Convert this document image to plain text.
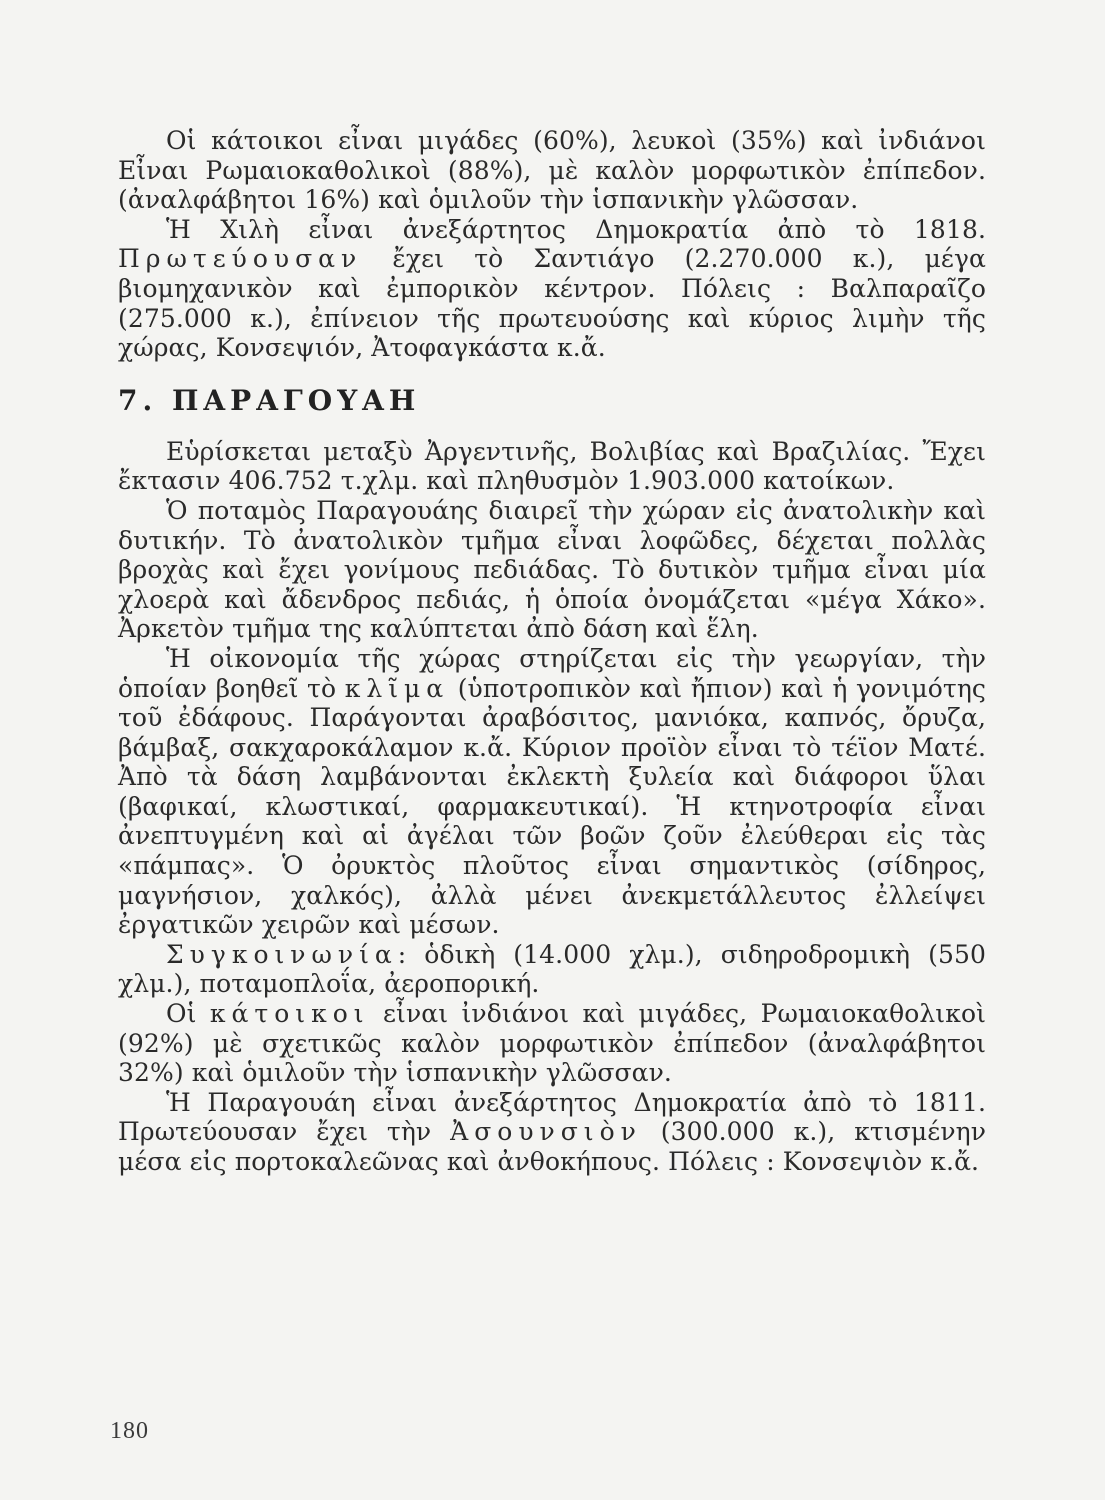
Οἱ κάτοικοι εἶναι μιγάδες (60%), λευκοὶ (35%) καὶ ἰνδιάνοι Εἶναι Ρωμαιοκαθολικοὶ (88%), μὲ καλὸν μορφωτικὸν ἐπίπεδον. (ἀναλφάβητοι 16%) καὶ ὁμιλοῦν τὴν ἱσπανικὴν γλῶσσαν.

Ἡ Χιλὴ εἶναι ἀνεξάρτητος Δημοκρατία ἀπὸ τὸ 1818. Πρωτεύουσαν ἔχει τὸ Σαντιάγο (2.270.000 κ.), μέγα βιομηχανικὸν καὶ ἐμπορικὸν κέντρον. Πόλεις : Βαλπαραῖζο (275.000 κ.), ἐπίνειον τῆς πρωτευούσης καὶ κύριος λιμὴν τῆς χώρας, Κονσεψιόν, Ἀτοφαγκάστα κ.ἄ.

7. ΠΑΡΑΓΟΥΑΗ

Εὑρίσκεται μεταξὺ Ἀργεντινῆς, Βολιβίας καὶ Βραζιλίας. Ἔχει ἔκτασιν 406.752 τ.χλμ. καὶ πληθυσμὸν 1.903.000 κατοίκων.

Ὁ ποταμὸς Παραγουάης διαιρεῖ τὴν χώραν εἰς ἀνατολικὴν καὶ δυτικήν. Τὸ ἀνατολικὸν τμῆμα εἶναι λοφῶδες, δέχεται πολλὰς βροχὰς καὶ ἔχει γονίμους πεδιάδας. Τὸ δυτικὸν τμῆμα εἶναι μία χλοερὰ καὶ ἄδενδρος πεδιάς, ἡ ὁποία ὀνομάζεται «μέγα Χάκο». Ἀρκετὸν τμῆμα της καλύπτεται ἀπὸ δάση καὶ ἕλη.

Ἡ οἰκονομία τῆς χώρας στηρίζεται εἰς τὴν γεωργίαν, τὴν ὁποίαν βοηθεῖ τὸ κλῖμα (ὑποτροπικὸν καὶ ἤπιον) καὶ ἡ γονιμότης τοῦ ἐδάφους. Παράγονται ἀραβόσιτος, μανιόκα, καπνός, ὄρυζα, βάμβαξ, σακχαροκάλαμον κ.ἄ. Κύριον προϊὸν εἶναι τὸ τέϊον Ματέ. Ἀπὸ τὰ δάση λαμβάνονται ἐκλεκτὴ ξυλεία καὶ διάφοροι ὕλαι (βαφικαί, κλωστικαί, φαρμακευτικαί). Ἡ κτηνοτροφία εἶναι ἀνεπτυγμένη καὶ αἱ ἀγέλαι τῶν βοῶν ζοῦν ἐλεύθεραι εἰς τὰς «πάμπας». Ὁ ὀρυκτὸς πλοῦτος εἶναι σημαντικὸς (σίδηρος, μαγνήσιον, χαλκός), ἀλλὰ μένει ἀνεκμετάλλευτος ἐλλείψει ἐργατικῶν χειρῶν καὶ μέσων.

Συγκοινωνία: ὁδικὴ (14.000 χλμ.), σιδηροδρομικὴ (550 χλμ.), ποταμοπλοΐα, ἀεροπορική.

Οἱ κάτοικοι εἶναι ἰνδιάνοι καὶ μιγάδες, Ρωμαιοκαθολικοὶ (92%) μὲ σχετικῶς καλὸν μορφωτικὸν ἐπίπεδον (ἀναλφάβητοι 32%) καὶ ὁμιλοῦν τὴν ἱσπανικὴν γλῶσσαν.

Ἡ Παραγουάη εἶναι ἀνεξάρτητος Δημοκρατία ἀπὸ τὸ 1811. Πρωτεύουσαν ἔχει τὴν Ἀσουνσιὸν (300.000 κ.), κτισμένην μέσα εἰς πορτοκαλεῶνας καὶ ἀνθοκήπους. Πόλεις : Κονσεψιὸν κ.ἄ.

180
